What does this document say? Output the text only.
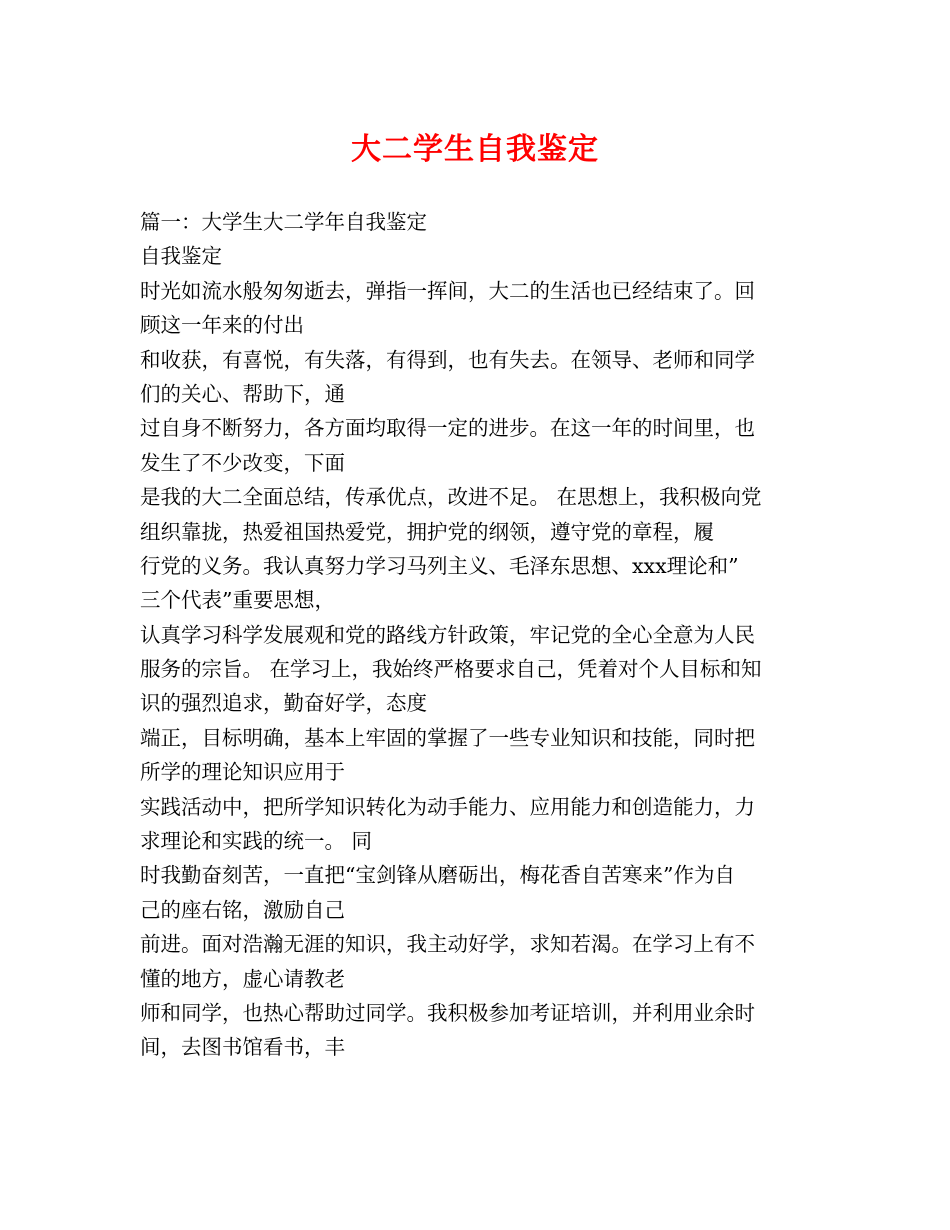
大二学生自我鉴定
篇一：大学生大二学年自我鉴定
自我鉴定
时光如流水般匆匆逝去，弹指一挥间，大二的生活也已经结束了。回
顾这一年来的付出
和收获，有喜悦，有失落，有得到，也有失去。在领导、老师和同学
们的关心、帮助下，通
过自身不断努力，各方面均取得一定的进步。在这一年的时间里，也
发生了不少改变，下面
是我的大二全面总结，传承优点，改进不足。 在思想上，我积极向党
组织靠拢，热爱祖国热爱党，拥护党的纲领，遵守党的章程，履
行党的义务。我认真努力学习马列主义、毛泽东思想、xxx理论和”
三个代表”重要思想，
认真学习科学发展观和党的路线方针政策，牢记党的全心全意为人民
服务的宗旨。 在学习上，我始终严格要求自己，凭着对个人目标和知
识的强烈追求，勤奋好学，态度
端正，目标明确，基本上牢固的掌握了一些专业知识和技能，同时把
所学的理论知识应用于
实践活动中，把所学知识转化为动手能力、应用能力和创造能力，力
求理论和实践的统一。 同
时我勤奋刻苦，一直把“宝剑锋从磨砺出，梅花香自苦寒来”作为自
己的座右铭，激励自己
前进。面对浩瀚无涯的知识，我主动好学，求知若渴。在学习上有不
懂的地方，虚心请教老
师和同学，也热心帮助过同学。我积极参加考证培训，并利用业余时
间，去图书馆看书，丰
